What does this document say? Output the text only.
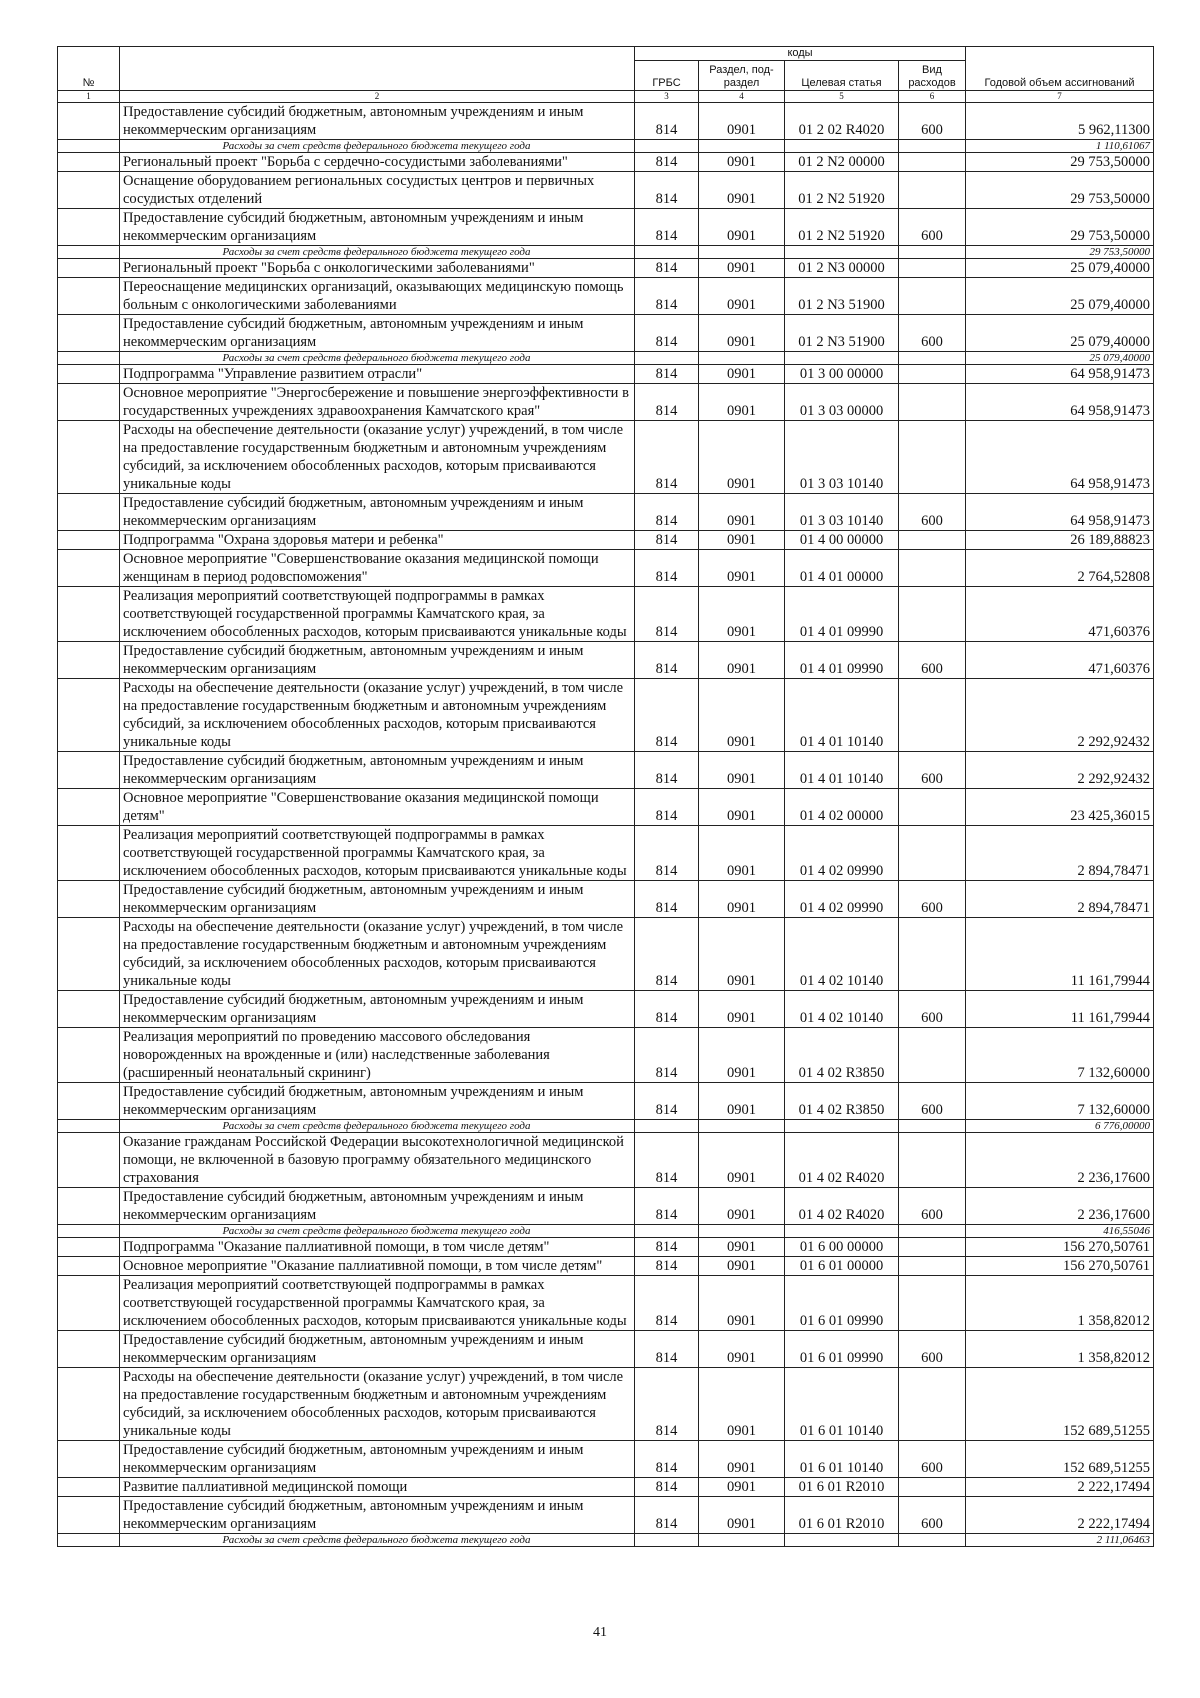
№		коды				Годовой объем ассигнований
		ГРБС	Раздел, под-раздел	Целевая статья	Вид расходов	
1	2	3	4	5	6	7
	Предоставление субсидий бюджетным, автономным учреждениям и иным некоммерческим организациям	814	0901	01 2 02 R4020	600	5 962,11300
	Расходы за счет средств федерального бюджета текущего года					1 110,61067
	Региональный проект "Борьба с сердечно-сосудистыми заболеваниями"	814	0901	01 2 N2 00000		29 753,50000
	Оснащение оборудованием региональных сосудистых центров и первичных сосудистых отделений	814	0901	01 2 N2 51920		29 753,50000
	Предоставление субсидий бюджетным, автономным учреждениям и иным некоммерческим организациям	814	0901	01 2 N2 51920	600	29 753,50000
	Расходы за счет средств федерального бюджета текущего года					29 753,50000
	Региональный проект "Борьба с онкологическими заболеваниями"	814	0901	01 2 N3 00000		25 079,40000
	Переоснащение медицинских организаций, оказывающих медицинскую помощь больным с онкологическими заболеваниями	814	0901	01 2 N3 51900		25 079,40000
	Предоставление субсидий бюджетным, автономным учреждениям и иным некоммерческим организациям	814	0901	01 2 N3 51900	600	25 079,40000
	Расходы за счет средств федерального бюджета текущего года					25 079,40000
	Подпрограмма "Управление развитием отрасли"	814	0901	01 3 00 00000		64 958,91473
	Основное мероприятие "Энергосбережение и повышение энергоэффективности в государственных учреждениях здравоохранения Камчатского края"	814	0901	01 3 03 00000		64 958,91473
	Расходы на обеспечение деятельности (оказание услуг) учреждений, в том числе на предоставление государственным бюджетным и автономным учреждениям субсидий, за исключением обособленных расходов, которым присваиваются уникальные коды	814	0901	01 3 03 10140		64 958,91473
	Предоставление субсидий бюджетным, автономным учреждениям и иным некоммерческим организациям	814	0901	01 3 03 10140	600	64 958,91473
	Подпрограмма "Охрана здоровья матери и ребенка"	814	0901	01 4 00 00000		26 189,88823
	Основное мероприятие "Совершенствование оказания медицинской помощи женщинам в период родовспоможения"	814	0901	01 4 01 00000		2 764,52808
	Реализация мероприятий соответствующей подпрограммы в рамках соответствующей государственной программы Камчатского края, за исключением обособленных расходов, которым присваиваются уникальные коды	814	0901	01 4 01 09990		471,60376
	Предоставление субсидий бюджетным, автономным учреждениям и иным некоммерческим организациям	814	0901	01 4 01 09990	600	471,60376
	Расходы на обеспечение деятельности (оказание услуг) учреждений, в том числе на предоставление государственным бюджетным и автономным учреждениям субсидий, за исключением обособленных расходов, которым присваиваются уникальные коды	814	0901	01 4 01 10140		2 292,92432
	Предоставление субсидий бюджетным, автономным учреждениям и иным некоммерческим организациям	814	0901	01 4 01 10140	600	2 292,92432
	Основное мероприятие "Совершенствование оказания медицинской помощи детям"	814	0901	01 4 02 00000		23 425,36015
	Реализация мероприятий соответствующей подпрограммы в рамках соответствующей государственной программы Камчатского края, за исключением обособленных расходов, которым присваиваются уникальные коды	814	0901	01 4 02 09990		2 894,78471
	Предоставление субсидий бюджетным, автономным учреждениям и иным некоммерческим организациям	814	0901	01 4 02 09990	600	2 894,78471
	Расходы на обеспечение деятельности (оказание услуг) учреждений, в том числе на предоставление государственным бюджетным и автономным учреждениям субсидий, за исключением обособленных расходов, которым присваиваются уникальные коды	814	0901	01 4 02 10140		11 161,79944
	Предоставление субсидий бюджетным, автономным учреждениям и иным некоммерческим организациям	814	0901	01 4 02 10140	600	11 161,79944
	Реализация мероприятий по проведению массового обследования новорожденных на врожденные и (или) наследственные заболевания (расширенный неонатальный скрининг)	814	0901	01 4 02 R3850		7 132,60000
	Предоставление субсидий бюджетным, автономным учреждениям и иным некоммерческим организациям	814	0901	01 4 02 R3850	600	7 132,60000
	Расходы за счет средств федерального бюджета текущего года					6 776,00000
	Оказание гражданам Российской Федерации высокотехнологичной медицинской помощи, не включенной в базовую программу обязательного медицинского страхования	814	0901	01 4 02 R4020		2 236,17600
	Предоставление субсидий бюджетным, автономным учреждениям и иным некоммерческим организациям	814	0901	01 4 02 R4020	600	2 236,17600
	Расходы за счет средств федерального бюджета текущего года					416,55046
	Подпрограмма "Оказание паллиативной помощи, в том числе детям"	814	0901	01 6 00 00000		156 270,50761
	Основное мероприятие "Оказание паллиативной помощи, в том числе детям"	814	0901	01 6 01 00000		156 270,50761
	Реализация мероприятий соответствующей подпрограммы в рамках соответствующей государственной программы Камчатского края, за исключением обособленных расходов, которым присваиваются уникальные коды	814	0901	01 6 01 09990		1 358,82012
	Предоставление субсидий бюджетным, автономным учреждениям и иным некоммерческим организациям	814	0901	01 6 01 09990	600	1 358,82012
	Расходы на обеспечение деятельности (оказание услуг) учреждений, в том числе на предоставление государственным бюджетным и автономным учреждениям субсидий, за исключением обособленных расходов, которым присваиваются уникальные коды	814	0901	01 6 01 10140		152 689,51255
	Предоставление субсидий бюджетным, автономным учреждениям и иным некоммерческим организациям	814	0901	01 6 01 10140	600	152 689,51255
	Развитие паллиативной медицинской помощи	814	0901	01 6 01 R2010		2 222,17494
	Предоставление субсидий бюджетным, автономным учреждениям и иным некоммерческим организациям	814	0901	01 6 01 R2010	600	2 222,17494
	Расходы за счет средств федерального бюджета текущего года					2 111,06463
41
